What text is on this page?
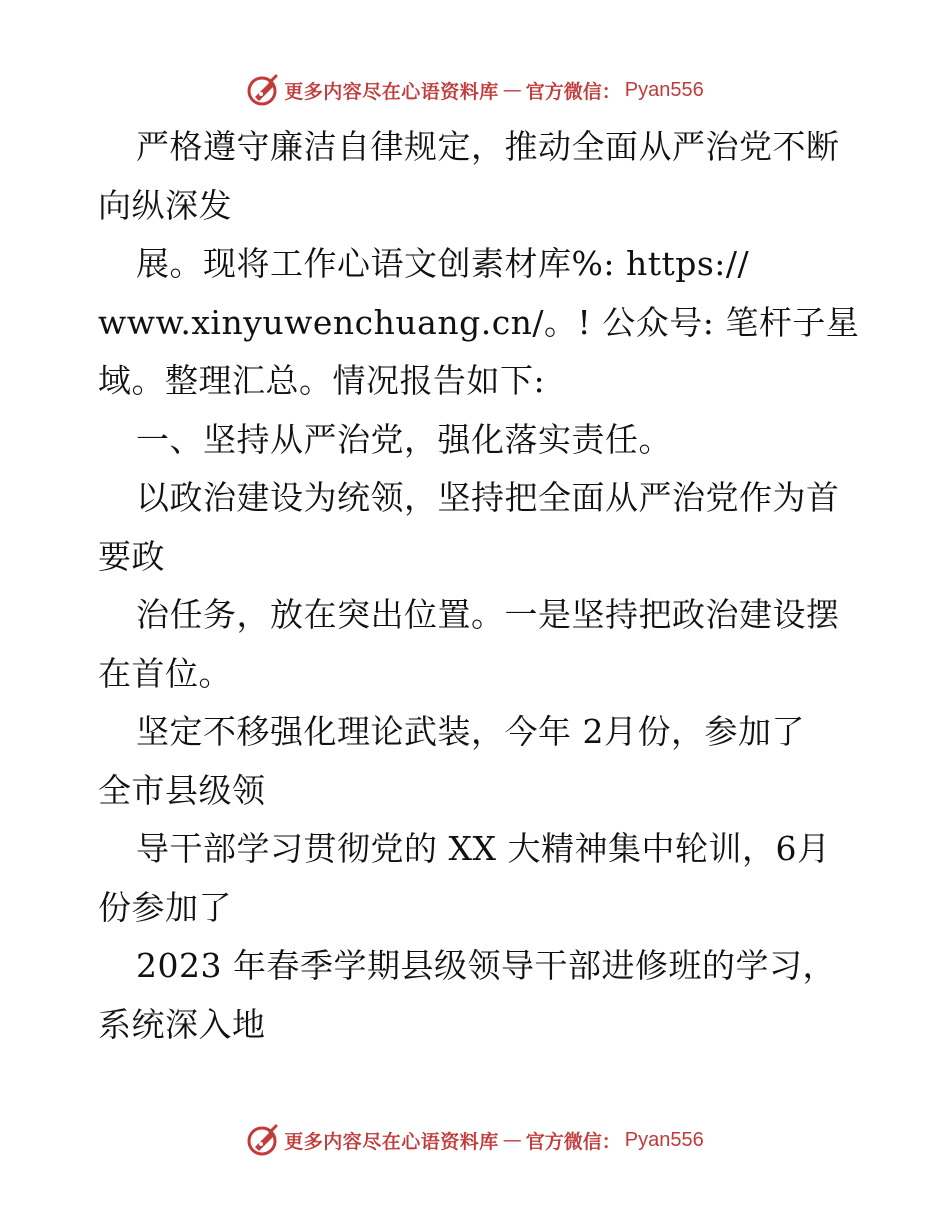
更多内容尽在心语资料库 — 官方微信： Pyan556
严格遵守廉洁自律规定，推动全面从严治党不断
向纵深发
展。现将工作心语文创素材库%: https://
www.xinyuwenchuang.cn/。! 公众号: 笔杆子星
域。整理汇总。情况报告如下:
一、坚持从严治党，强化落实责任。
以政治建设为统领，坚持把全面从严治党作为首
要政
治任务，放在突出位置。一是坚持把政治建设摆
在首位。
坚定不移强化理论武装，今年 2月份，参加了
全市县级领
导干部学习贯彻党的 XX 大精神集中轮训，6月
份参加了
2023 年春季学期县级领导干部进修班的学习，
系统深入地
更多内容尽在心语资料库 — 官方微信： Pyan556
